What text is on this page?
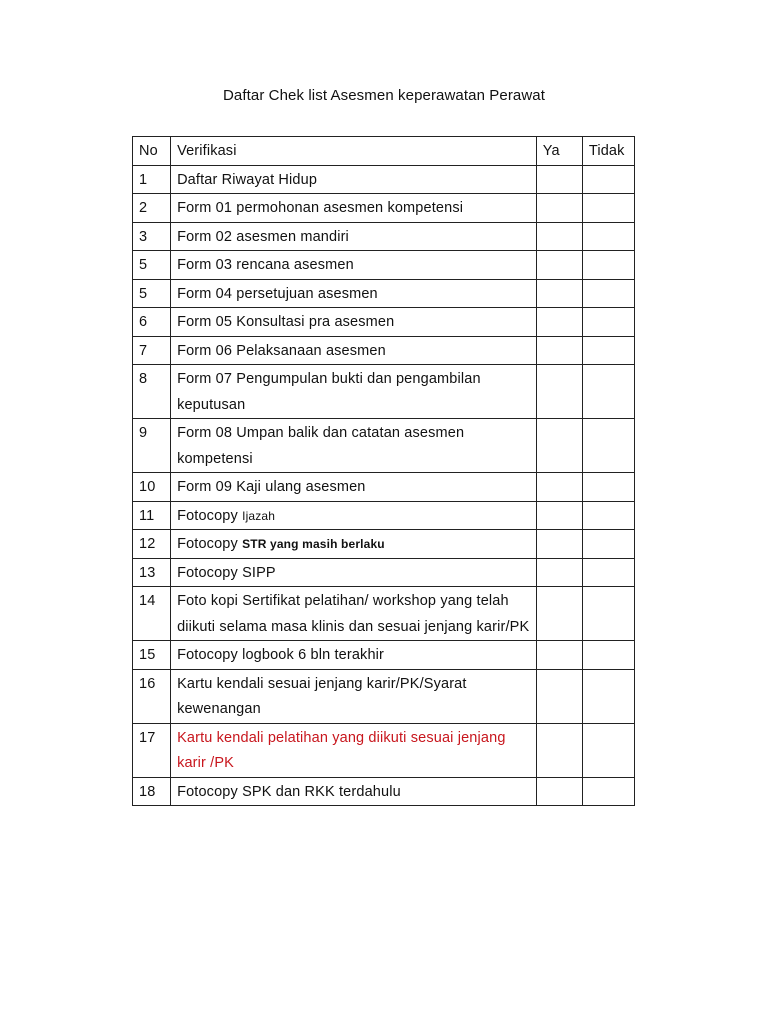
Daftar Chek list Asesmen keperawatan Perawat
No	Verifikasi	Ya	Tidak
1	Daftar Riwayat Hidup		
2	Form 01 permohonan asesmen kompetensi		
3	Form 02 asesmen mandiri		
5	Form 03 rencana asesmen		
5	Form 04 persetujuan asesmen		
6	Form 05 Konsultasi pra asesmen		
7	Form 06 Pelaksanaan asesmen		
8	Form 07 Pengumpulan bukti dan pengambilan keputusan		
9	Form 08 Umpan balik dan catatan asesmen kompetensi		
10	Form 09 Kaji ulang asesmen		
11	Fotocopy Ijazah		
12	Fotocopy STR yang masih berlaku		
13	Fotocopy SIPP		
14	Foto kopi Sertifikat pelatihan/ workshop yang telah diikuti selama masa klinis dan sesuai jenjang karir/PK		
15	Fotocopy logbook 6 bln terakhir		
16	Kartu kendali sesuai jenjang karir/PK/Syarat kewenangan		
17	Kartu kendali pelatihan yang diikuti sesuai jenjang karir /PK		
18	Fotocopy SPK dan RKK terdahulu		
